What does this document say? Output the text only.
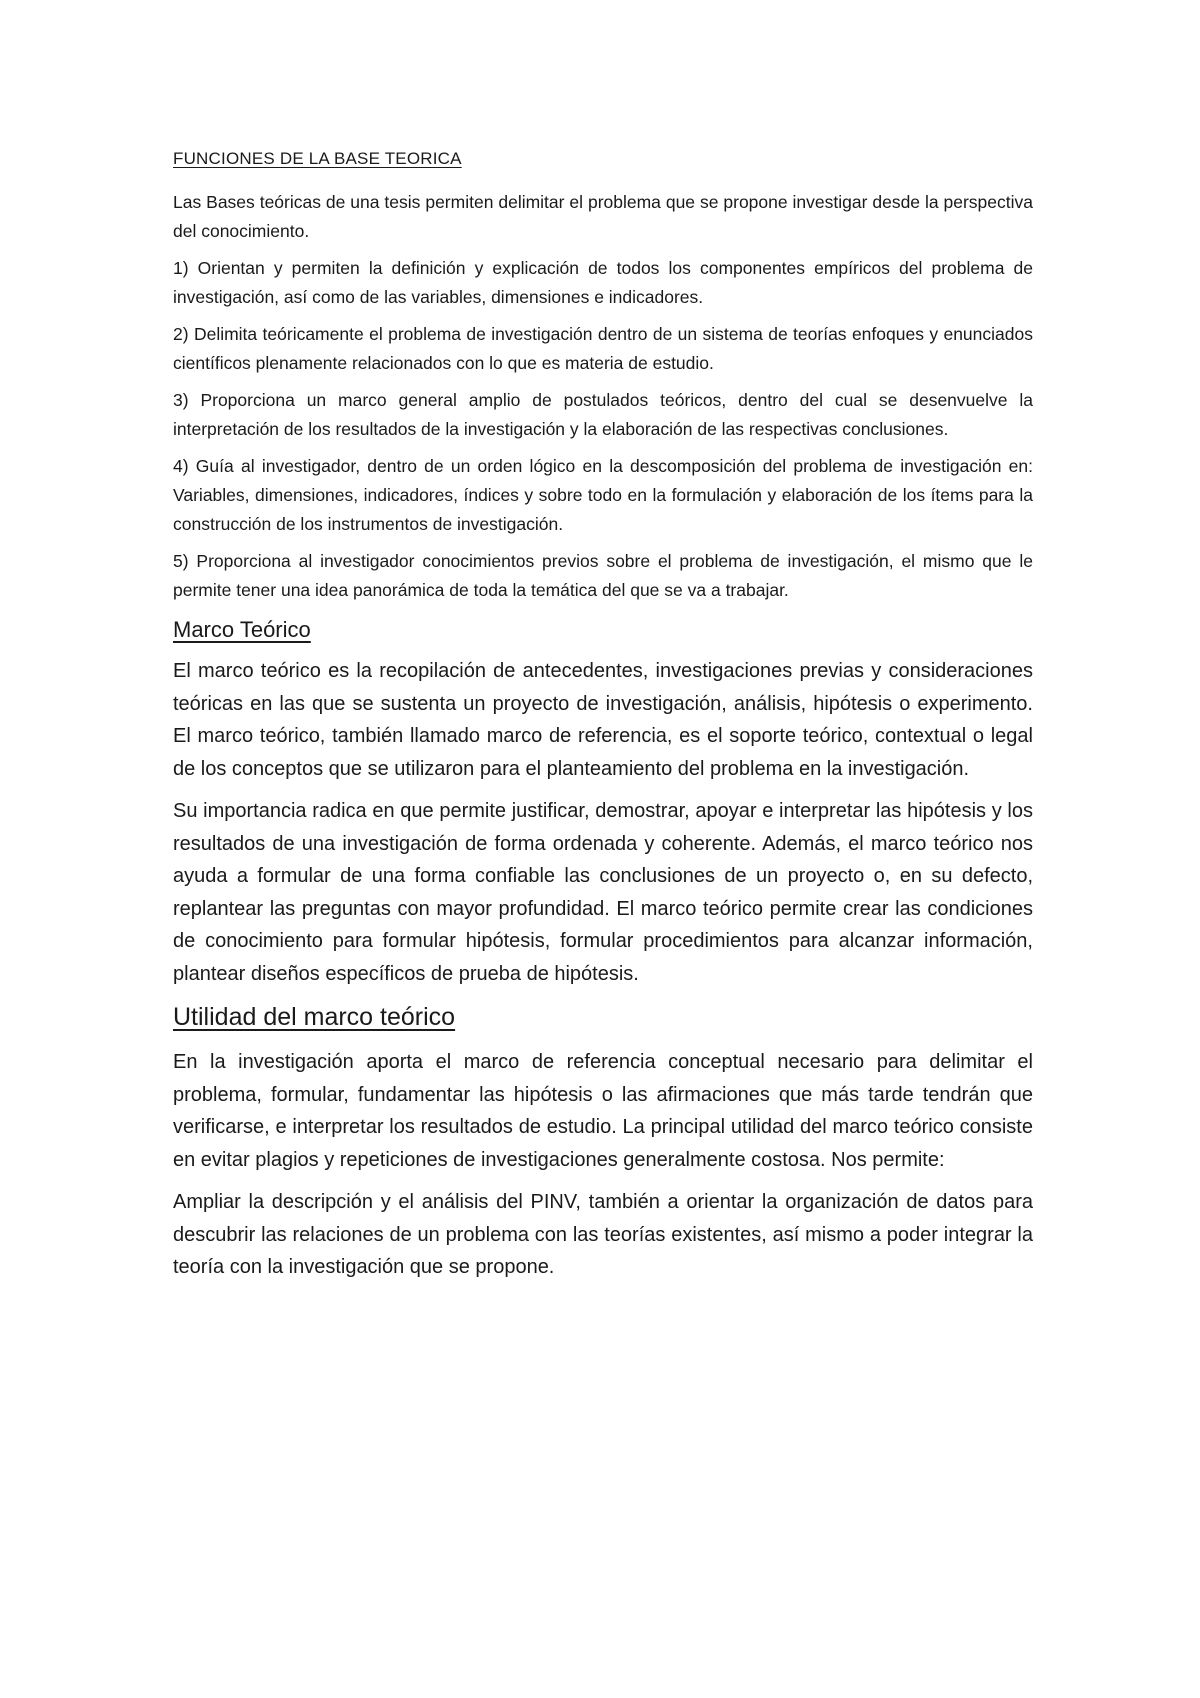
FUNCIONES DE LA BASE TEORICA

Las Bases teóricas de una tesis permiten delimitar el problema que se propone investigar desde la perspectiva del conocimiento.

1) Orientan y permiten la definición y explicación de todos los componentes empíricos del problema de investigación, así como de las variables, dimensiones e indicadores.

2) Delimita teóricamente el problema de investigación dentro de un sistema de teorías enfoques y enunciados científicos plenamente relacionados con lo que es materia de estudio.

3) Proporciona un marco general amplio de postulados teóricos, dentro del cual se desenvuelve la interpretación de los resultados de la investigación y la elaboración de las respectivas conclusiones.

4) Guía al investigador, dentro de un orden lógico en la descomposición del problema de investigación en: Variables, dimensiones, indicadores, índices y sobre todo en la formulación y elaboración de los ítems para la construcción de los instrumentos de investigación.

5) Proporciona al investigador conocimientos previos sobre el problema de investigación, el mismo que le permite tener una idea panorámica de toda la temática del que se va a trabajar.

Marco Teórico

El marco teórico es la recopilación de antecedentes, investigaciones previas y consideraciones teóricas en las que se sustenta un proyecto de investigación, análisis, hipótesis o experimento. El marco teórico, también llamado marco de referencia, es el soporte teórico, contextual o legal de los conceptos que se utilizaron para el planteamiento del problema en la investigación.

Su importancia radica en que permite justificar, demostrar, apoyar e interpretar las hipótesis y los resultados de una investigación de forma ordenada y coherente. Además, el marco teórico nos ayuda a formular de una forma confiable las conclusiones de un proyecto o, en su defecto, replantear las preguntas con mayor profundidad. El marco teórico permite crear las condiciones de conocimiento para formular hipótesis, formular procedimientos para alcanzar información, plantear diseños específicos de prueba de hipótesis.

Utilidad del marco teórico

En la investigación aporta el marco de referencia conceptual necesario para delimitar el problema, formular, fundamentar las hipótesis o las afirmaciones que más tarde tendrán que verificarse, e interpretar los resultados de estudio. La principal utilidad del marco teórico consiste en evitar plagios y repeticiones de investigaciones generalmente costosa. Nos permite:

Ampliar la descripción y el análisis del PINV, también a orientar la organización de datos para descubrir las relaciones de un problema con las teorías existentes, así mismo a poder integrar la teoría con la investigación que se propone.
